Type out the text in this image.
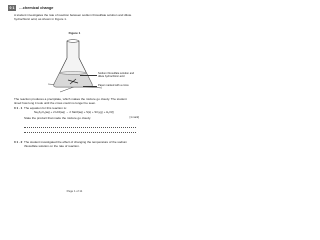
0 1	…chemical change

A student investigates the rate of reaction between sodium thiosulfate solution and dilute hydrochloric acid, as shown in Figure 1.

Figure 1
Sodium thiosulfate solution and dilute hydrochloric acid
Paper marked with a cross

The reaction produces a precipitate, which makes the mixture go cloudy. The student timed how long it took until the cross could no longer be seen.

0 1 . 1 The equation for this reaction is:

Na₂S₂O₃(aq) + 2 HCl(aq) → 2 NaCl(aq) + S(s) + SO₂(g) + H₂O(l)

State the product that made the mixture go cloudy.	[1 mark]
0 1 . 2 The student investigated the effect of changing the temperature of the sodium thiosulfate solution on the rate of reaction.

Page 1 of 11
